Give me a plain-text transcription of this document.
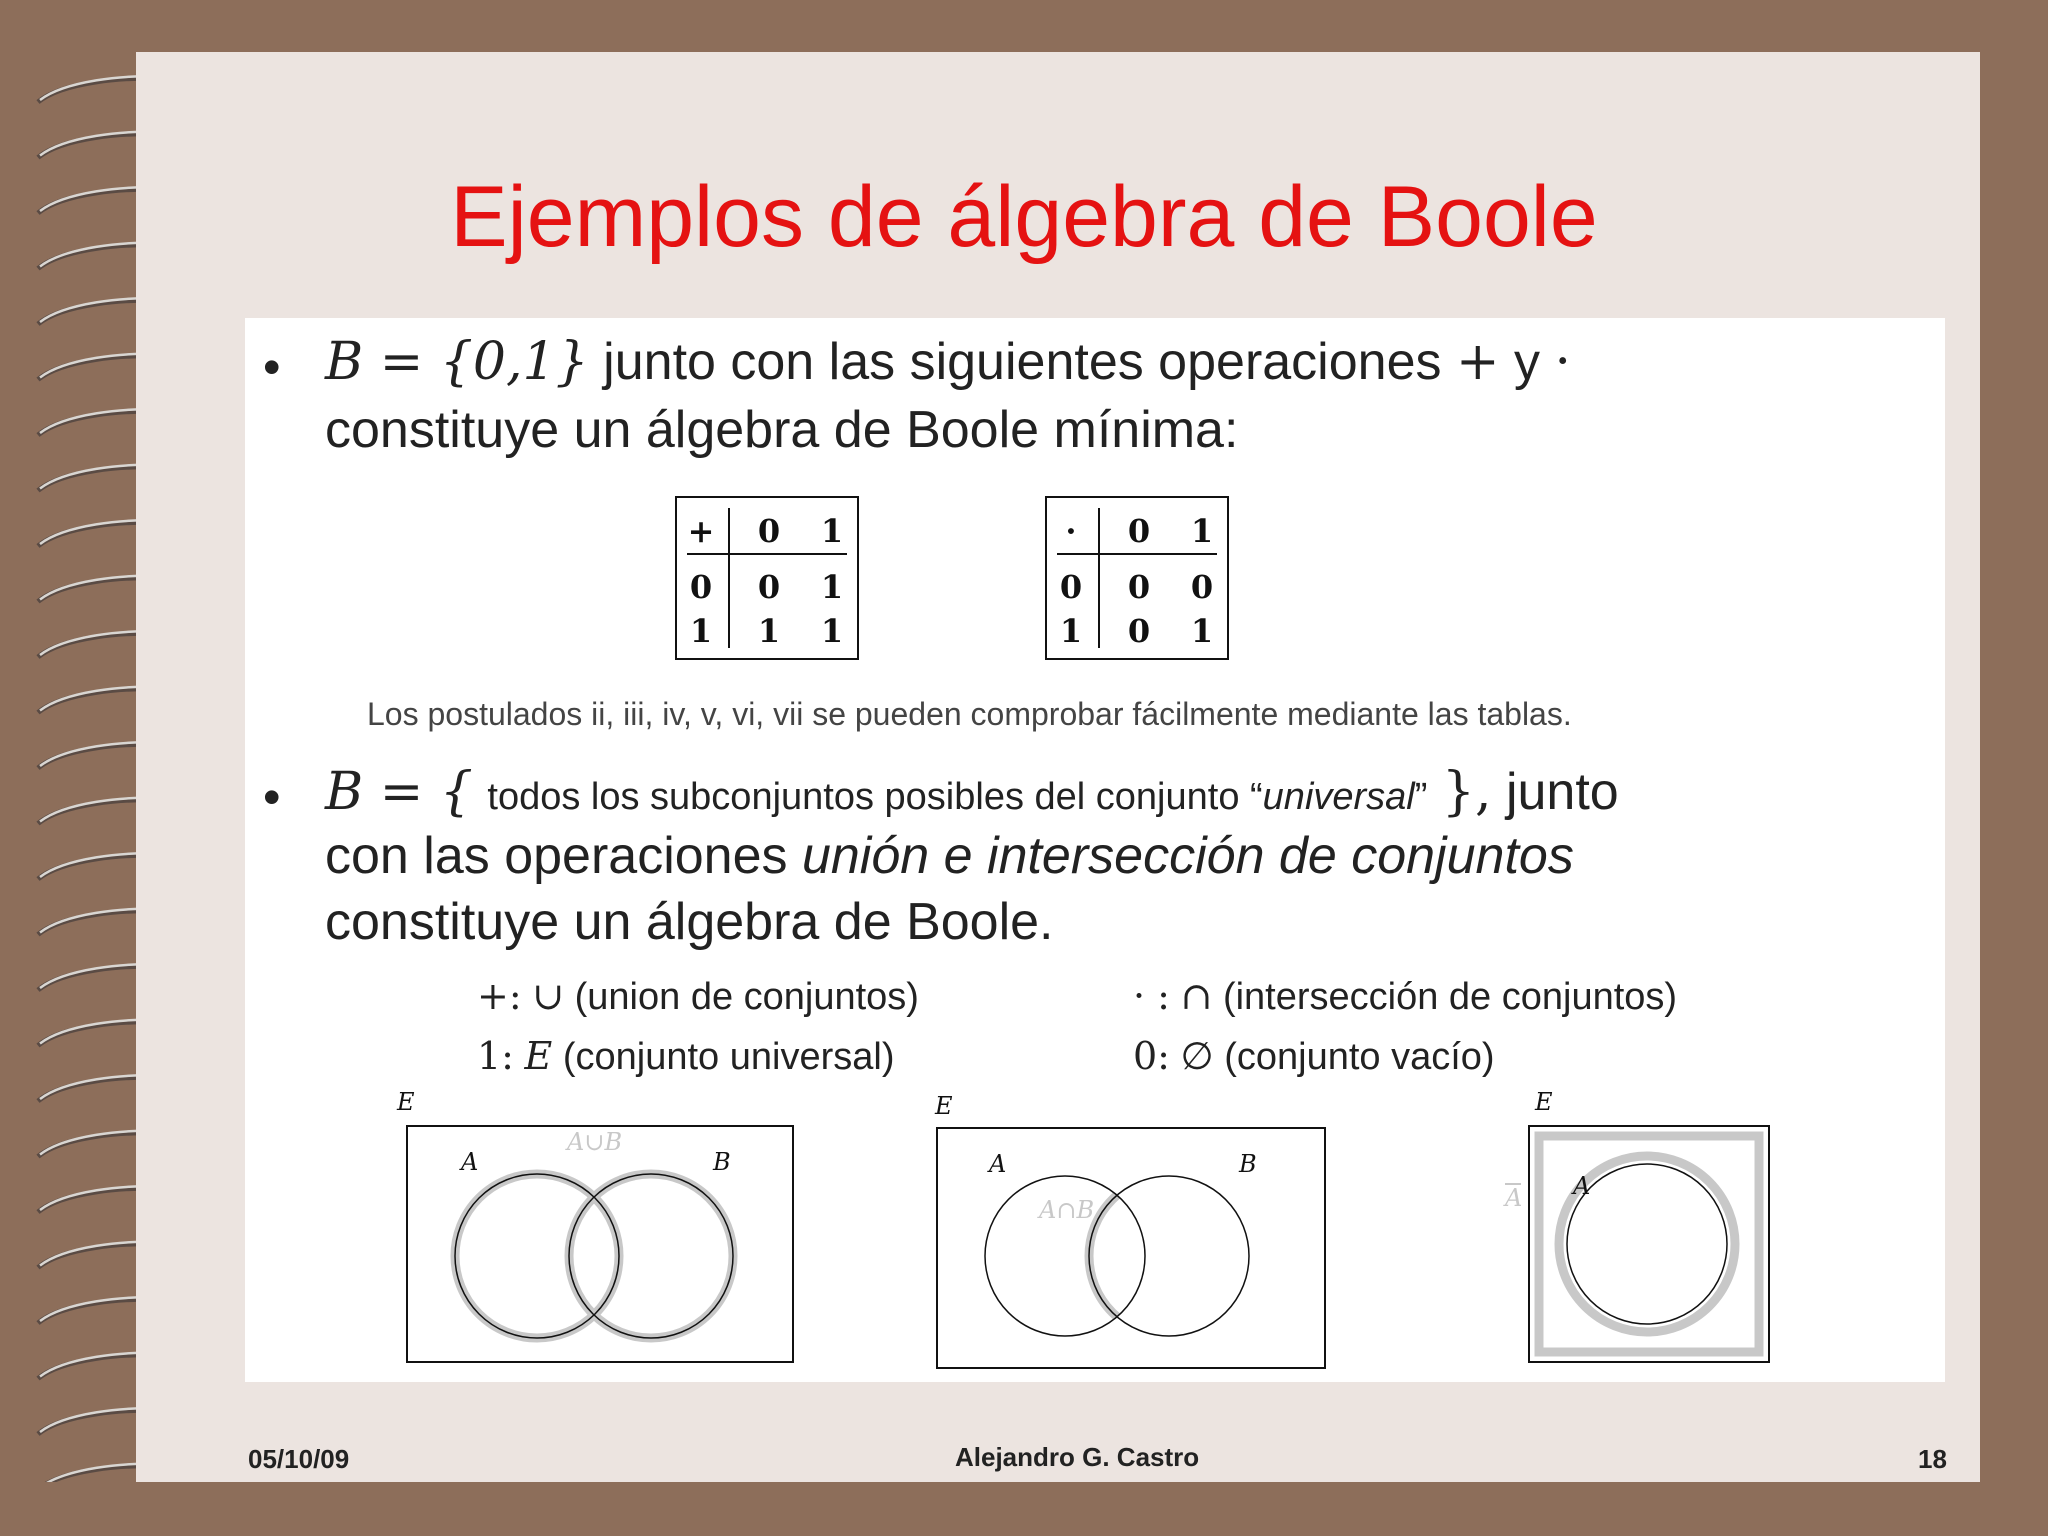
Ejemplos de álgebra de Boole
• B = {0,1} junto con las siguientes operaciones + y ·
constituye un álgebra de Boole mínima:
+ 0 1
0 0 1
1 1 1
· 0 1
0 0 0
1 0 1
Los postulados ii, iii, iv, v, vi, vii se pueden comprobar fácilmente mediante las tablas.
• B = { todos los subconjuntos posibles del conjunto “universal” }, junto
con las operaciones unión e intersección de conjuntos
constituye un álgebra de Boole.
+: ∪ (union de conjuntos)	· : ∩ (intersección de conjuntos)
1: E (conjunto universal)	0: ∅ (conjunto vacío)
E
A	B
A∪B
E
A	B
A∩B
E
A A
05/10/09	Alejandro G. Castro	18
